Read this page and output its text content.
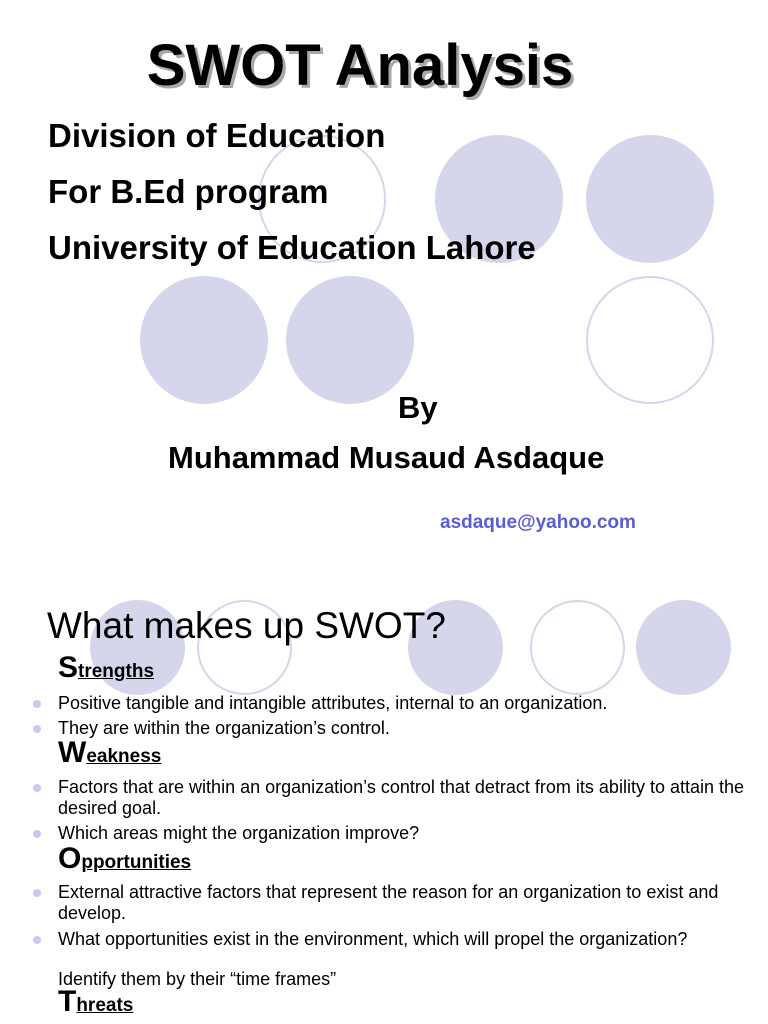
SWOT Analysis
Division of Education
For B.Ed program
University of Education Lahore
By
Muhammad Musaud Asdaque
asdaque@yahoo.com
What makes up SWOT?
Strengths
Positive tangible and intangible attributes, internal to an organization.
They are within the organization’s control.
Weakness
Factors that are within an organization’s control that detract from its ability to attain the desired goal.
Which areas might the organization improve?
Opportunities
External attractive factors that represent the reason for an organization to exist and develop.
What opportunities exist in the environment, which will propel the organization?
Identify them by their “time frames”
Threats
